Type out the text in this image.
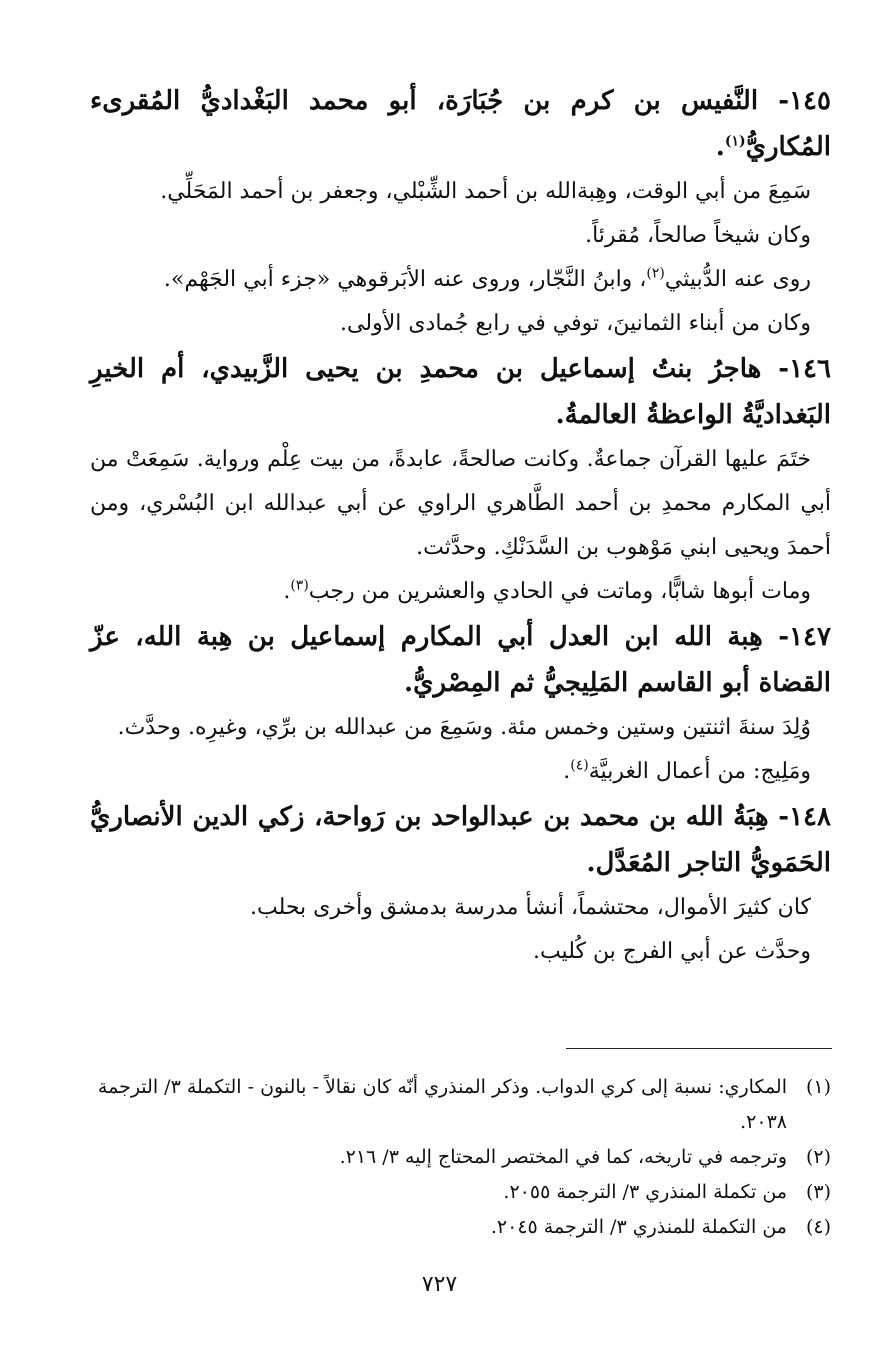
١٤٥- النَّفيس بن كرم بن جُبَارَة، أبو محمد البَغْداديُّ المُقرىء المُكاريُّ$^{(١)}$.

سَمِعَ من أبي الوقت، وهِبةالله بن أحمد الشِّبْلي، وجعفر بن أحمد المَحَلِّي.

وكان شيخاً صالحاً، مُقرئاً.

روى عنه الدُّبيثي$^{(٢)}$، وابنُ النَّجّار، وروى عنه الأبَرقوهي «جزء أبي الجَهْم».

وكان من أبناء الثمانينَ، توفي في رابع جُمادى الأولى.

١٤٦- هاجرُ بنتُ إسماعيل بن محمدِ بن يحيى الزَّبيدي، أم الخيرِ البَغداديَّةُ الواعظةُ العالمةُ.

ختَمَ عليها القرآن جماعةٌ. وكانت صالحةً، عابدةً، من بيت عِلْم ورواية. سَمِعَتْ من أبي المكارم محمدِ بن أحمد الطَّاهري الراوي عن أبي عبدالله ابن البُسْري، ومن أحمدَ ويحيى ابني مَوْهوب بن السَّدَنْكِ. وحدَّثت.

ومات أبوها شابًّا، وماتت في الحادي والعشرين من رجب$^{(٣)}$.

١٤٧- هِبة الله ابن العدل أبي المكارم إسماعيل بن هِبة الله، عزّ القضاة أبو القاسم المَلِيجيُّ ثم المِصْريُّ.

وُلِدَ سنةَ اثنتين وستين وخمس مئة. وسَمِعَ من عبدالله بن برِّي، وغيرِه. وحدَّث.

ومَلِيج: من أعمال الغربيَّة$^{(٤)}$.

١٤٨- هِبَةُ الله بن محمد بن عبدالواحد بن رَواحة، زكي الدين الأنصاريُّ الحَمَويُّ التاجر المُعَدَّل.

كان كثيرَ الأموال، محتشماً، أنشأ مدرسة بدمشق وأخرى بحلب.

وحدَّث عن أبي الفرج بن كُليب.

(١)
المكاري: نسبة إلى كري الدواب. وذكر المنذري أنّه كان نقالاً - بالنون - التكملة ٣/ الترجمة ٢٠٣٨.
(٢)
وترجمه في تاريخه، كما في المختصر المحتاج إليه ٣/ ٢١٦.
(٣)
من تكملة المنذري ٣/ الترجمة ٢٠٥٥.
(٤)
من التكملة للمنذري ٣/ الترجمة ٢٠٤٥.
٧٢٧
